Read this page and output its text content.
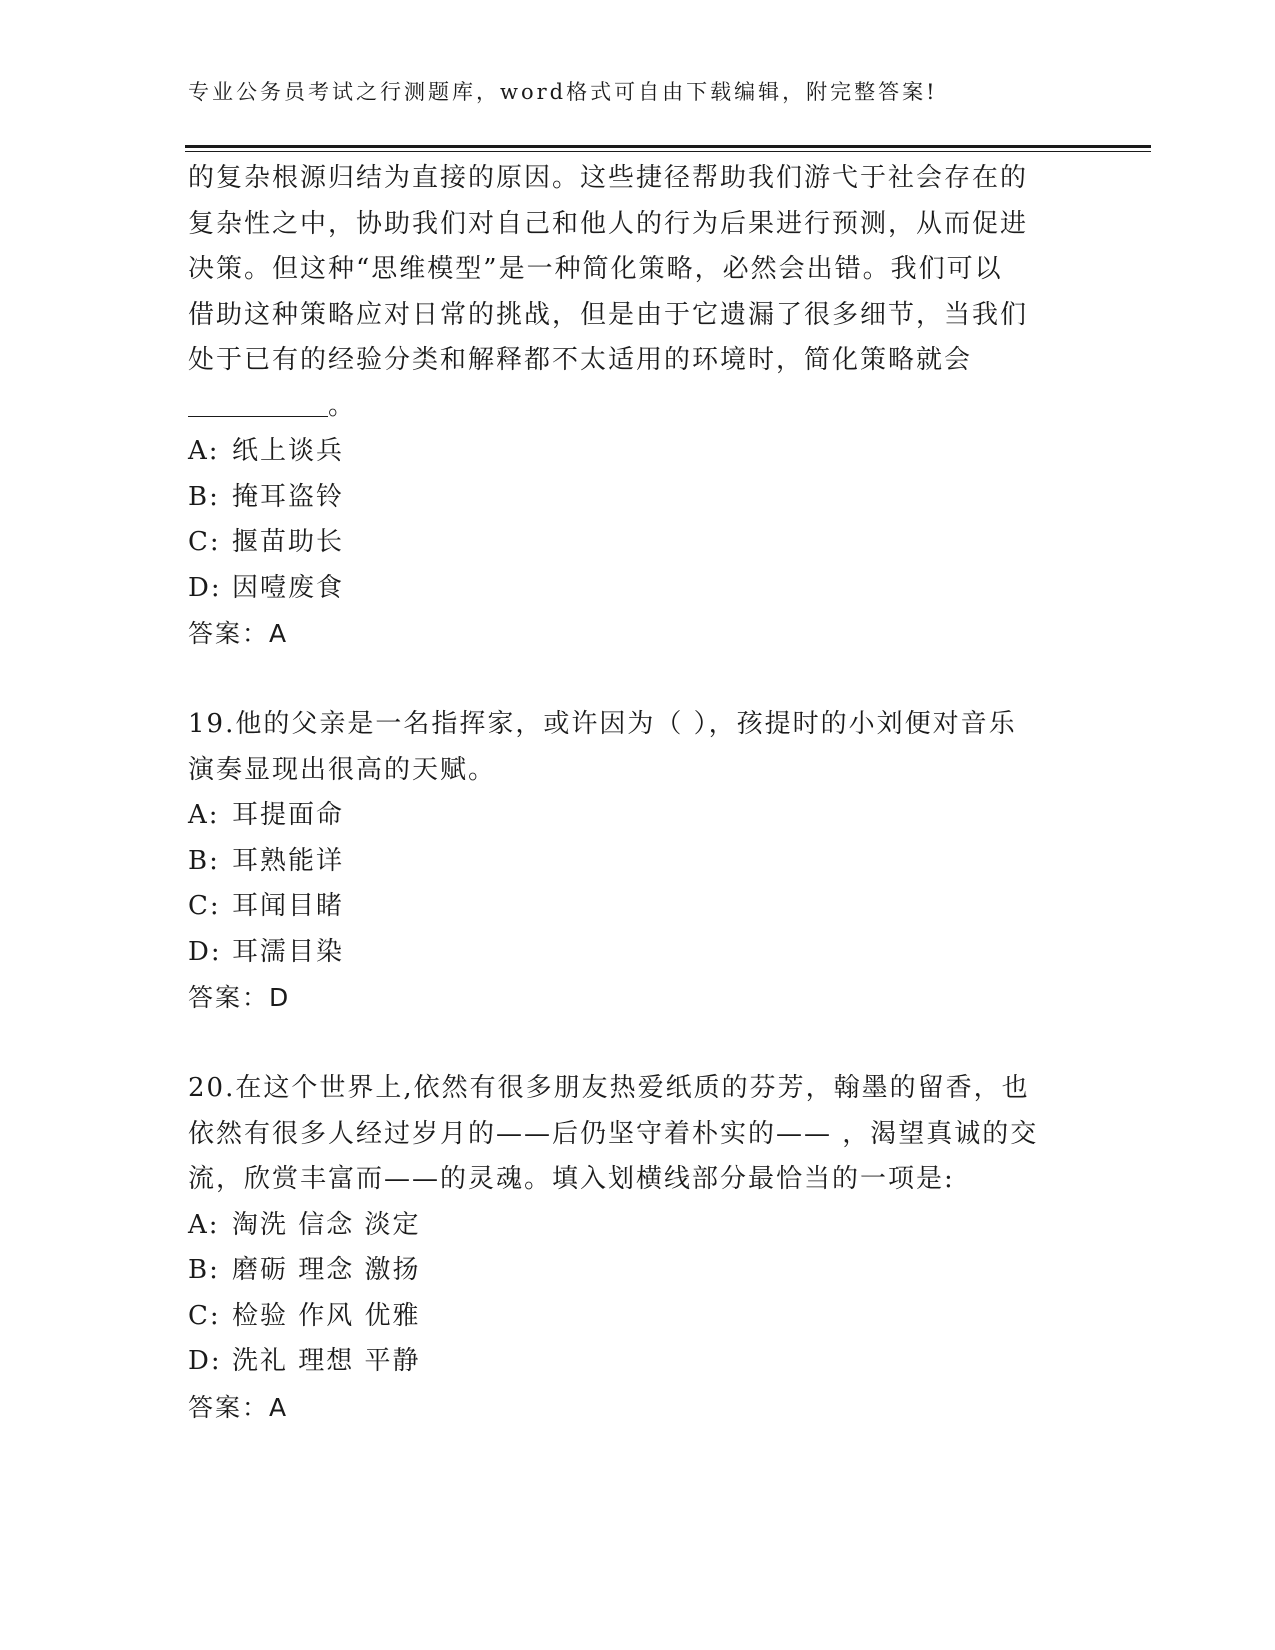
专业公务员考试之行测题库，word格式可自由下载编辑，附完整答案!
的复杂根源归结为直接的原因。这些捷径帮助我们游弋于社会存在的
复杂性之中，协助我们对自己和他人的行为后果进行预测，从而促进
决策。但这种“思维模型”是一种简化策略，必然会出错。我们可以
借助这种策略应对日常的挑战，但是由于它遗漏了很多细节，当我们
处于已有的经验分类和解释都不太适用的环境时，简化策略就会
。
A: 纸上谈兵
B: 掩耳盗铃
C: 揠苗助长
D: 因噎废食
答案：A
19.他的父亲是一名指挥家，或许因为（ ），孩提时的小刘便对音乐
演奏显现出很高的天赋。
A: 耳提面命
B: 耳熟能详
C: 耳闻目睹
D: 耳濡目染
答案：D
20.在这个世界上,依然有很多朋友热爱纸质的芬芳，翰墨的留香，也
依然有很多人经过岁月的——后仍坚守着朴实的—— ，渴望真诚的交
流，欣赏丰富而——的灵魂。填入划横线部分最恰当的一项是:
A: 淘洗 信念 淡定
B: 磨砺 理念 激扬
C: 检验 作风 优雅
D: 洗礼 理想 平静
答案：A
